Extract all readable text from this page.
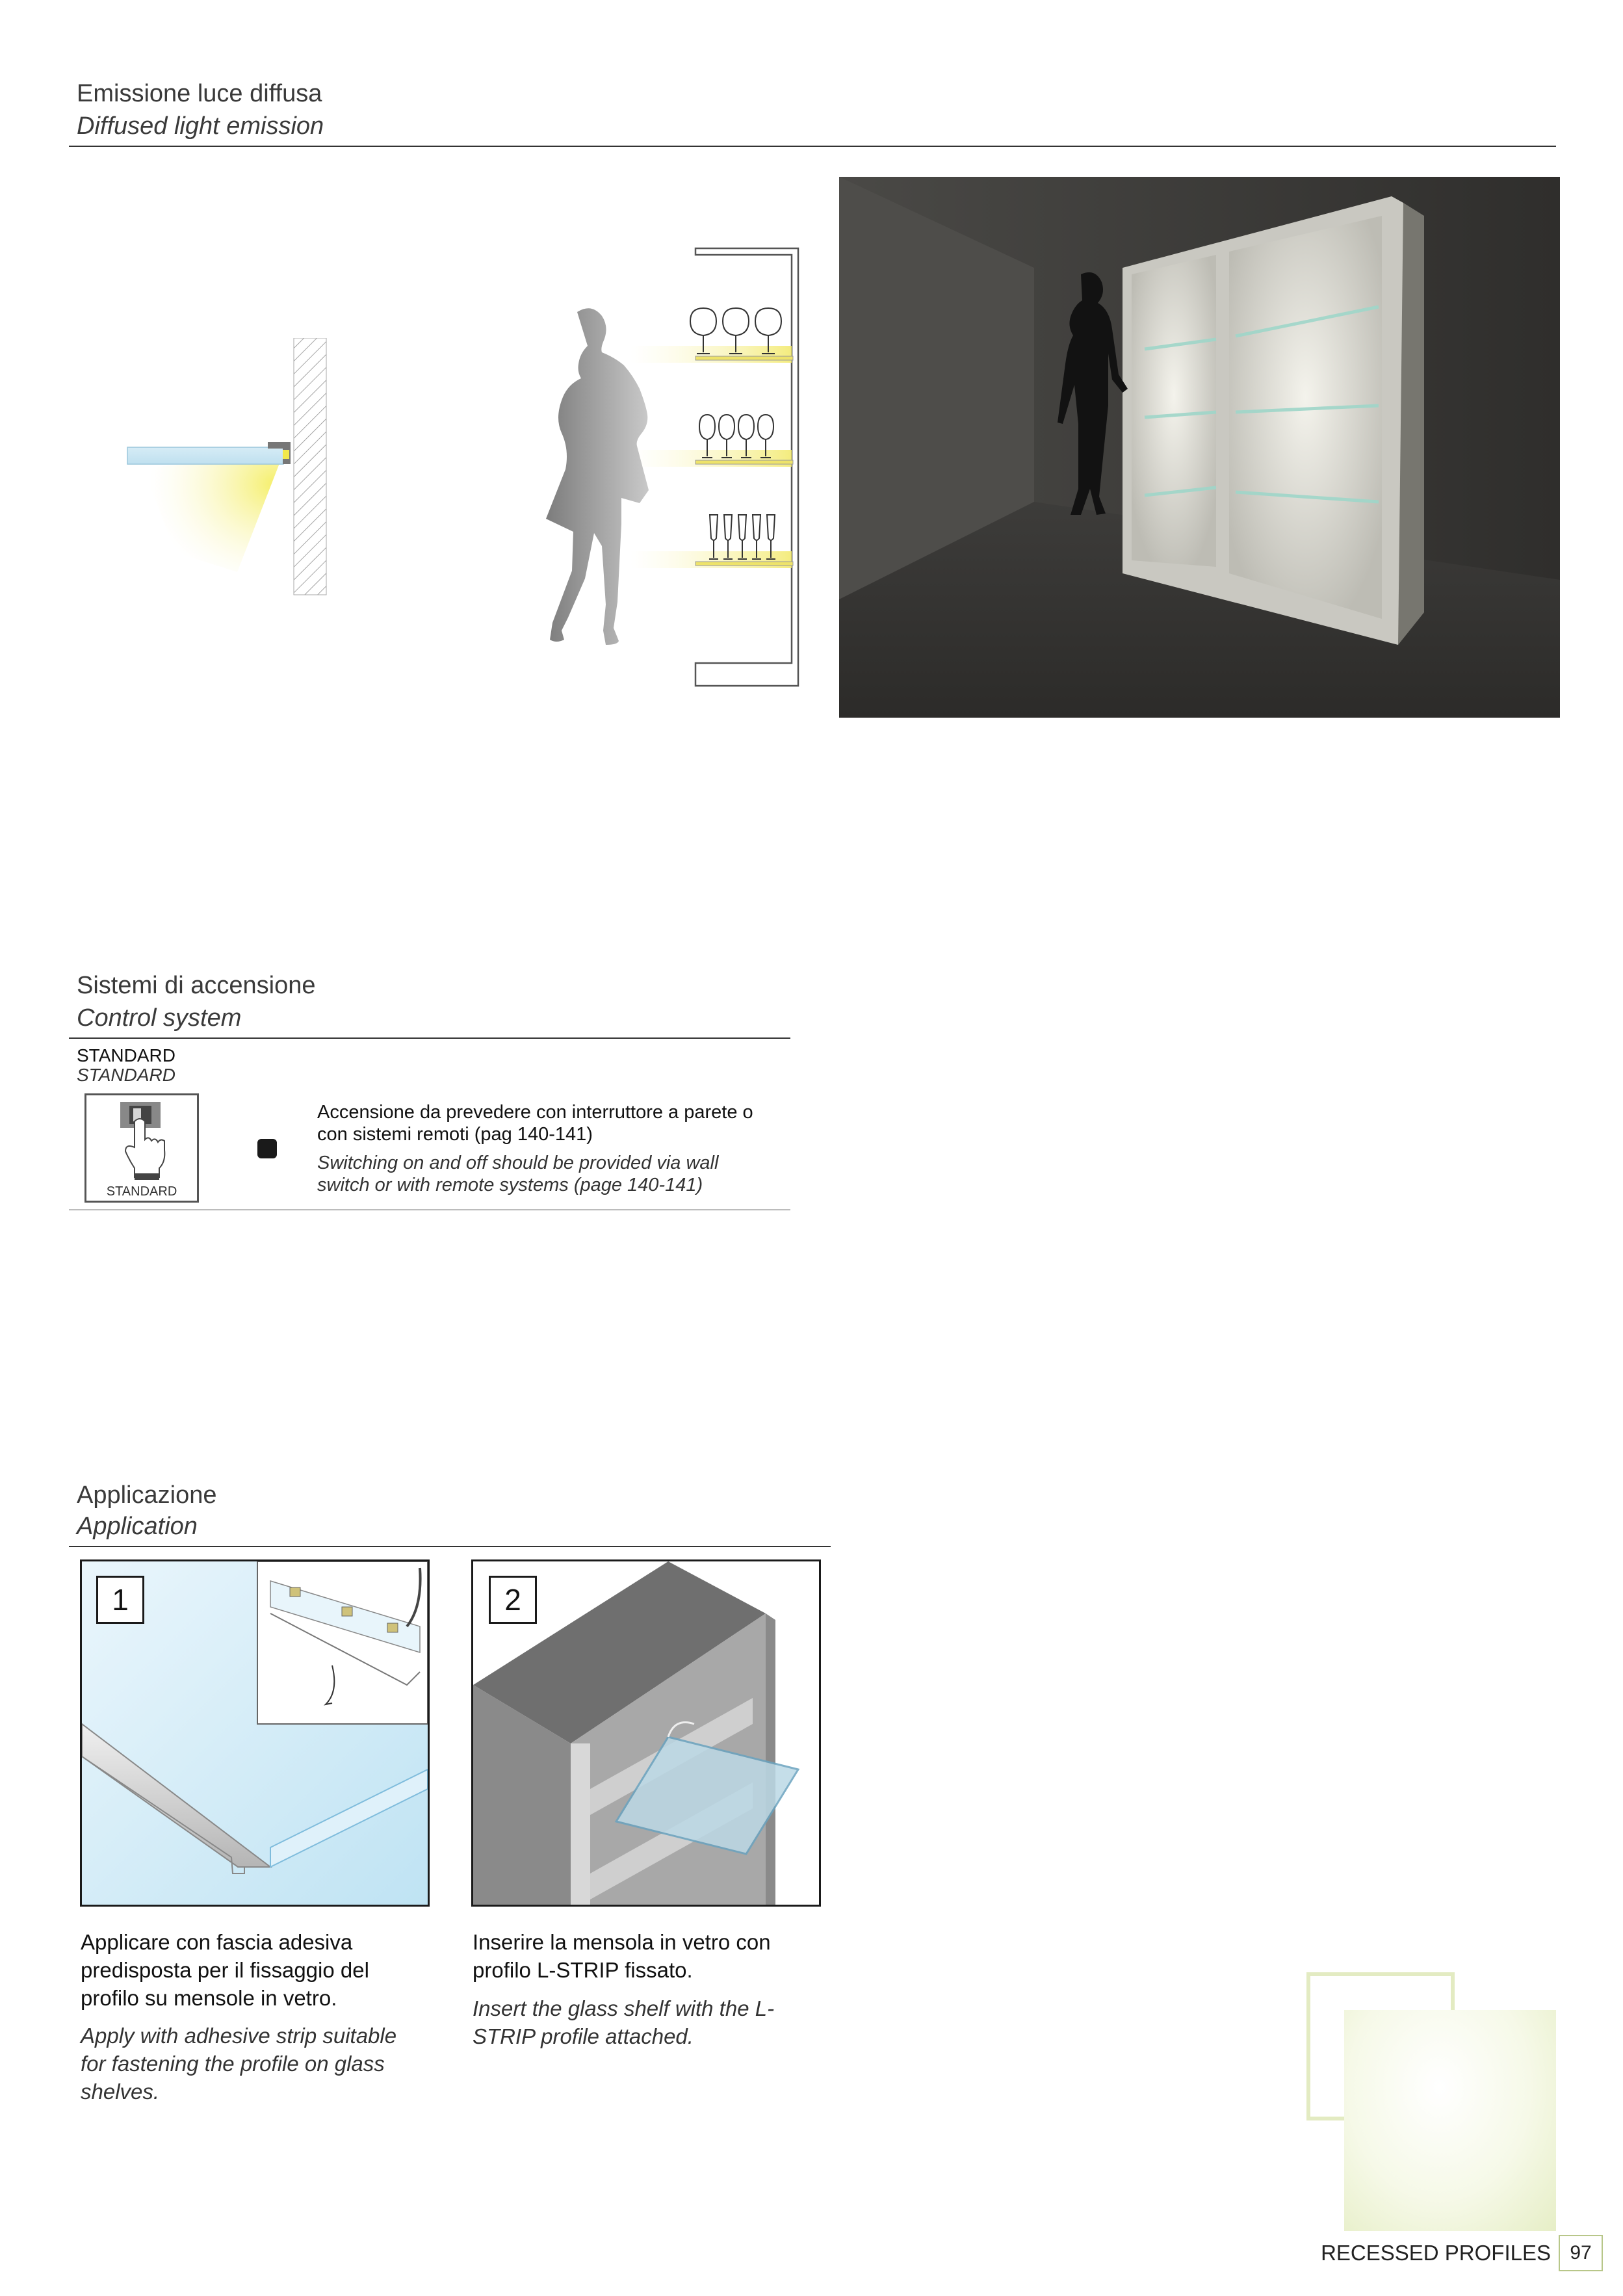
Emissione luce diffusa
Diffused light emission
Sistemi di accensione
Control system
STANDARD
STANDARD
STANDARD
Accensione da prevedere con interruttore a parete o con sistemi remoti (pag 140-141)
Switching on and off should be provided via wall switch or with remote systems (page 140-141)
Applicazione
Application
1	2
Applicare con fascia adesiva predisposta per il fissaggio del profilo su mensole in vetro.
Apply with adhesive strip suitable for fastening the profile on glass shelves.
Inserire la mensola in vetro con profilo L-STRIP fissato.
Insert the glass shelf with the L-STRIP profile attached.
RECESSED PROFILES 97
